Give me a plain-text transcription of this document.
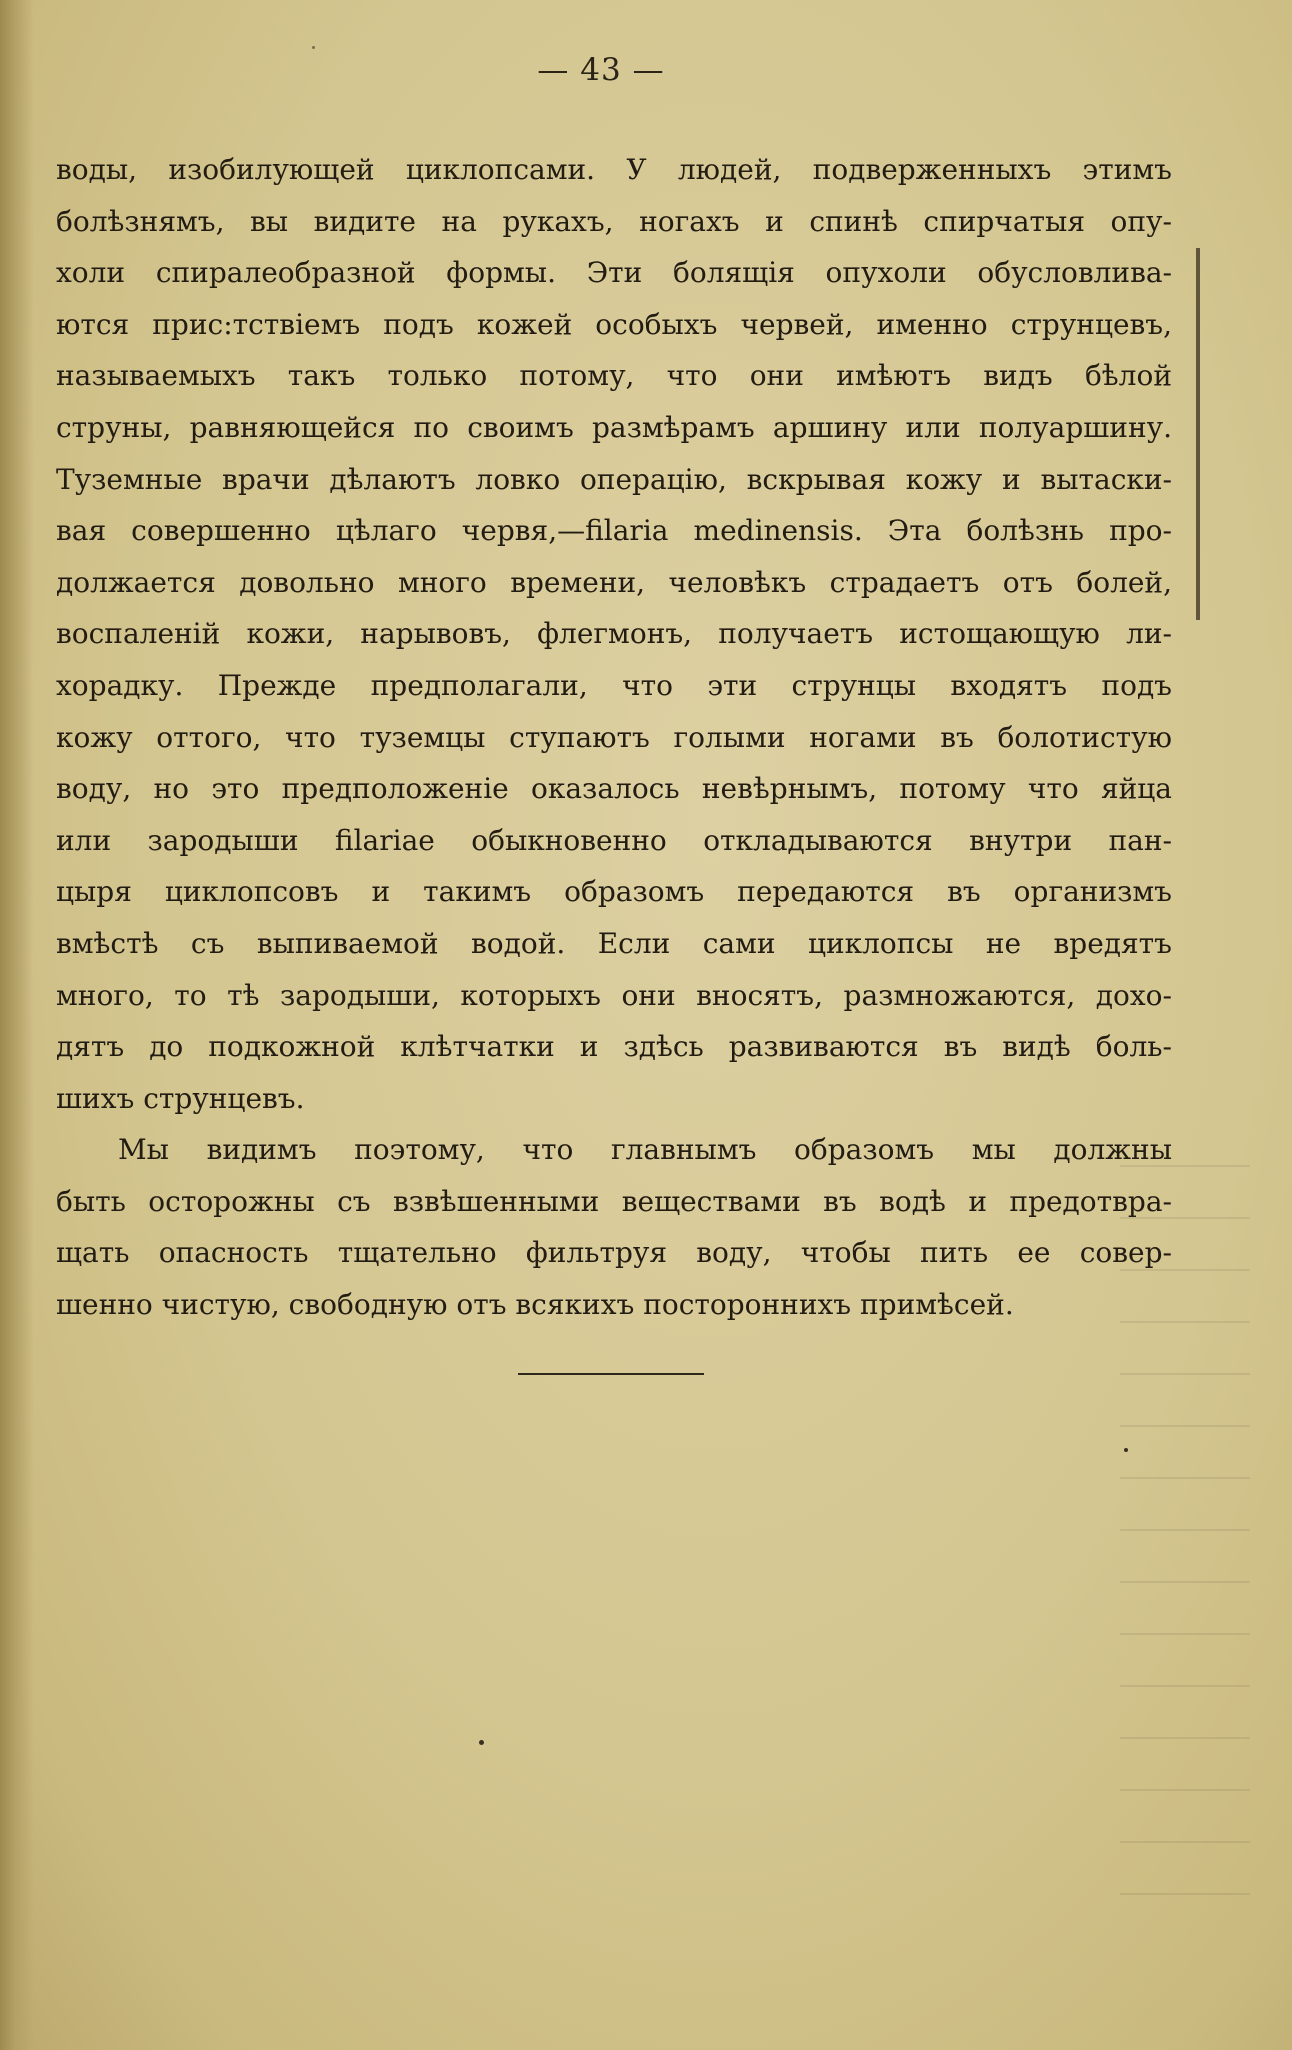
— 43 —
воды, изобилующей циклопсами. У людей, подверженныхъ этимъ
болѣзнямъ, вы видите на рукахъ, ногахъ и спинѣ спирчатыя опу-
холи спиралеобразной формы. Эти болящія опухоли обусловлива-
ются прис:тствіемъ подъ кожей особыхъ червей, именно струнцевъ,
называемыхъ такъ только потому, что они имѣютъ видъ бѣлой
струны, равняющейся по своимъ размѣрамъ аршину или полуаршину.
Туземные врачи дѣлаютъ ловко операцію, вскрывая кожу и вытаски-
вая совершенно цѣлаго червя,—filaria medinensis. Эта болѣзнь про-
должается довольно много времени, человѣкъ страдаетъ отъ болей,
воспаленій кожи, нарывовъ, флегмонъ, получаетъ истощающую ли-
хорадку. Прежде предполагали, что эти струнцы входятъ подъ
кожу оттого, что туземцы ступаютъ голыми ногами въ болотистую
воду, но это предположеніе оказалось невѣрнымъ, потому что яйца
или зародыши filariae обыкновенно откладываются внутри пан-
цыря циклопсовъ и такимъ образомъ передаются въ организмъ
вмѣстѣ съ выпиваемой водой. Если сами циклопсы не вредятъ
много, то тѣ зародыши, которыхъ они вносятъ, размножаются, дохо-
дятъ до подкожной клѣтчатки и здѣсь развиваются въ видѣ боль-
шихъ струнцевъ.
Мы видимъ поэтому, что главнымъ образомъ мы должны
быть осторожны съ взвѣшенными веществами въ водѣ и предотвра-
щать опасность тщательно фильтруя воду, чтобы пить ее совер-
шенно чистую, свободную отъ всякихъ постороннихъ примѣсей.
